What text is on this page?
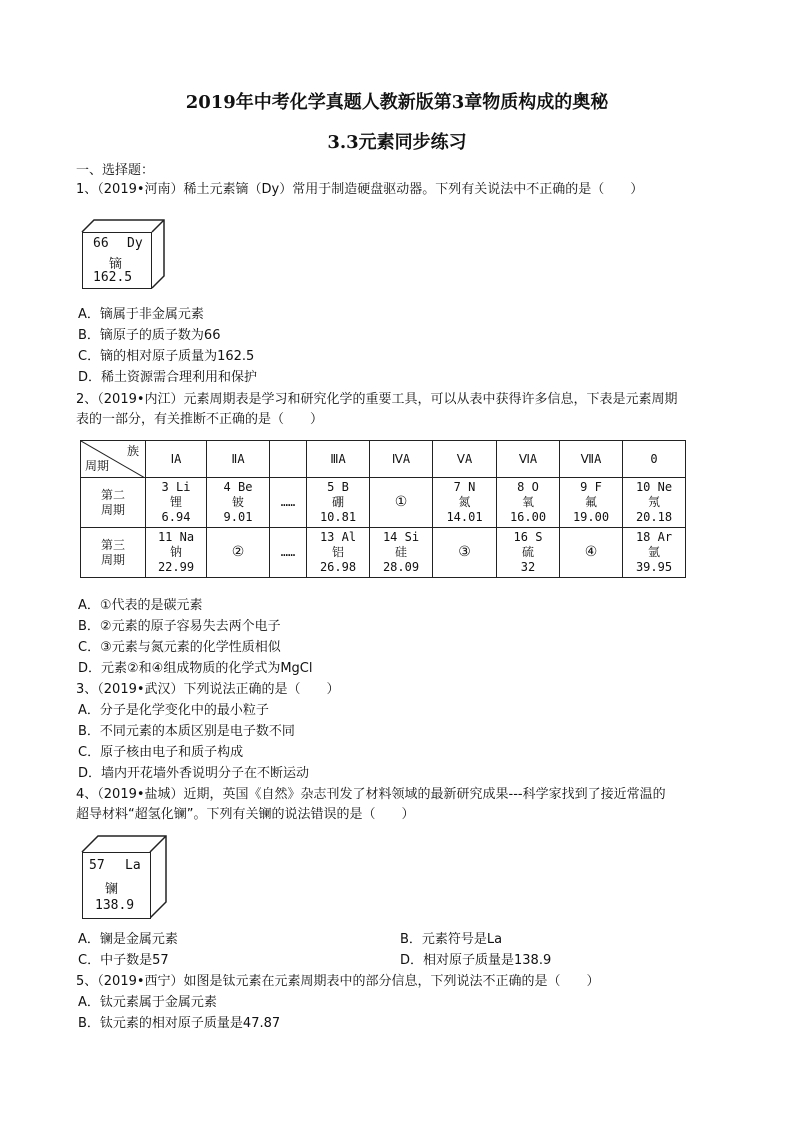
2019年中考化学真题人教新版第3章物质构成的奥秘
3.3元素同步练习
一、选择题：
1、（2019•河南）稀土元素镝（Dy）常用于制造硬盘驱动器。下列有关说法中不正确的是（　　）
66 Dy
镝
162.5
A．镝属于非金属元素
B．镝原子的质子数为66
C．镝的相对原子质量为162.5
D．稀土资源需合理利用和保护
2、（2019•内江）元素周期表是学习和研究化学的重要工具，可以从表中获得许多信息，下表是元素周期
表的一部分，有关推断不正确的是（　　）
族
周期	ⅠA	ⅡA		ⅢA	ⅣA	ⅤA	ⅥA	ⅦA	0

第二
周期	3 Li
锂
6.94	4 Be
铍
9.01	……	5 B
硼
10.81	①	7 N
氮
14.01	8 O
氧
16.00	9 F
氟
19.00	10 Ne
氖
20.18

第三
周期	11 Na
钠
22.99	②	……	13 Al
铝
26.98	14 Si
硅
28.09	③	16 S
硫
32	④	18 Ar
氩
39.95
A．①代表的是碳元素
B．②元素的原子容易失去两个电子
C．③元素与氮元素的化学性质相似
D．元素②和④组成物质的化学式为MgCl
3、（2019•武汉）下列说法正确的是（　　）
A．分子是化学变化中的最小粒子
B．不同元素的本质区别是电子数不同
C．原子核由电子和质子构成
D．墙内开花墙外香说明分子在不断运动
4、（2019•盐城）近期，英国《自然》杂志刊发了材料领域的最新研究成果---科学家找到了接近常温的
超导材料“超氢化镧”。下列有关镧的说法错误的是（　　）
57 La
镧
138.9
A．镧是金属元素	B．元素符号是La
C．中子数是57	D．相对原子质量是138.9
5、（2019•西宁）如图是钛元素在元素周期表中的部分信息，下列说法不正确的是（　　）
A．钛元素属于金属元素
B．钛元素的相对原子质量是47.87
